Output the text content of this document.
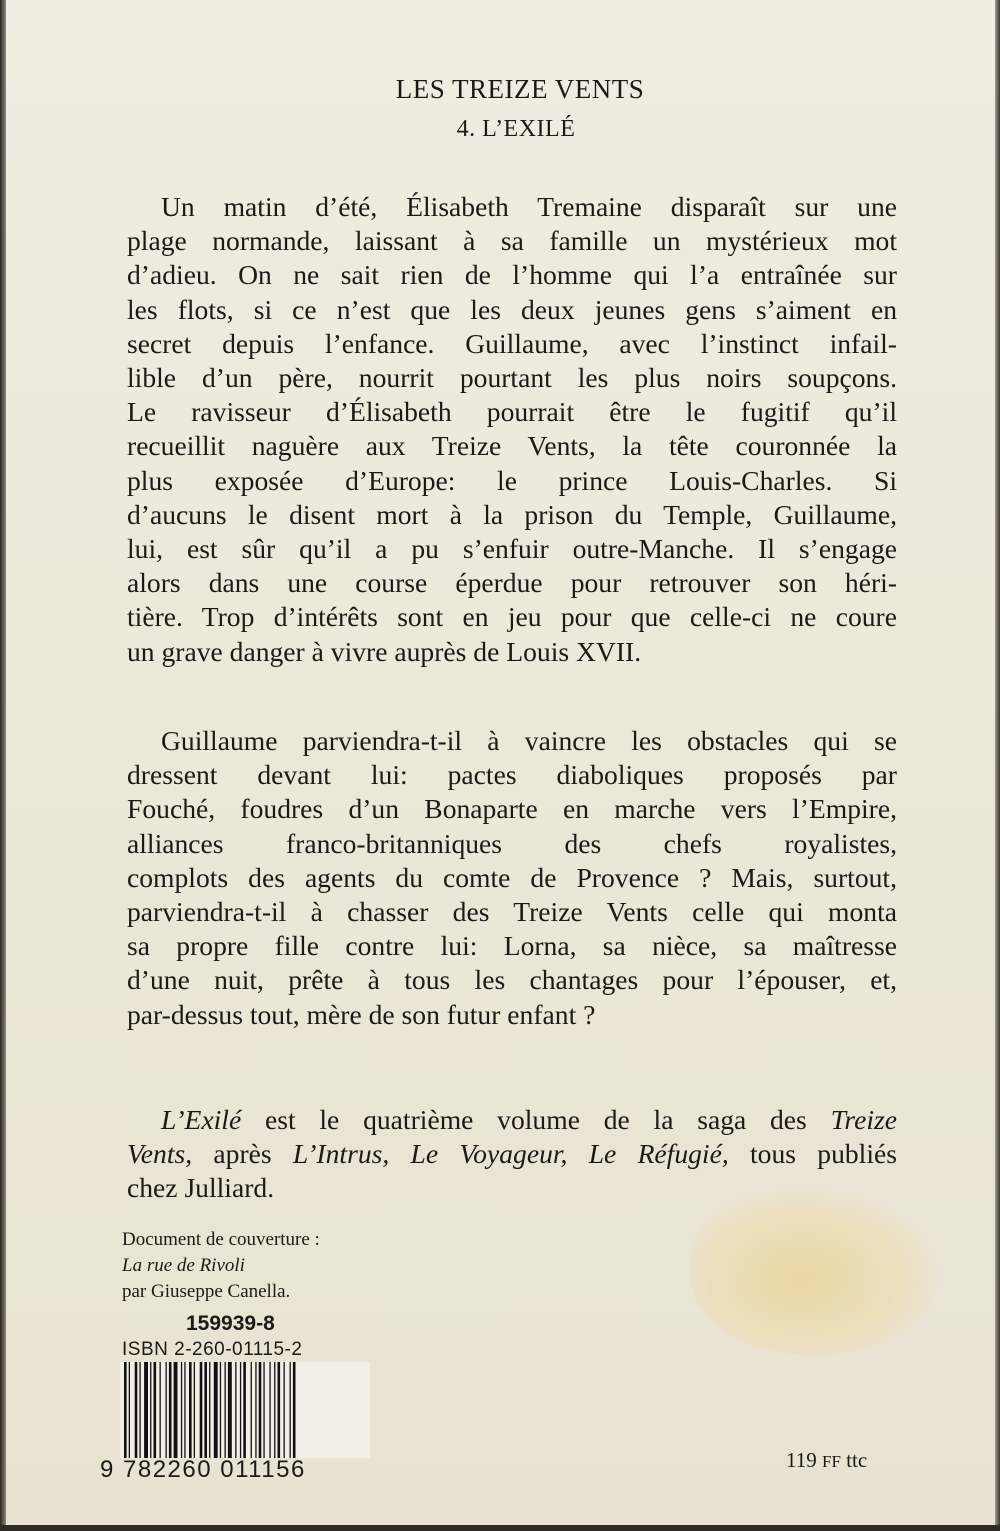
LES TREIZE VENTS
4. L’EXILÉ
Un matin d’été, Élisabeth Tremaine disparaît sur une
plage normande, laissant à sa famille un mystérieux mot
d’adieu. On ne sait rien de l’homme qui l’a entraînée sur
les flots, si ce n’est que les deux jeunes gens s’aiment en
secret depuis l’enfance. Guillaume, avec l’instinct infail-
lible d’un père, nourrit pourtant les plus noirs soupçons.
Le ravisseur d’Élisabeth pourrait être le fugitif qu’il
recueillit naguère aux Treize Vents, la tête couronnée la
plus exposée d’Europe: le prince Louis-Charles. Si
d’aucuns le disent mort à la prison du Temple, Guillaume,
lui, est sûr qu’il a pu s’enfuir outre-Manche. Il s’engage
alors dans une course éperdue pour retrouver son héri-
tière. Trop d’intérêts sont en jeu pour que celle-ci ne coure
un grave danger à vivre auprès de Louis XVII.
Guillaume parviendra-t-il à vaincre les obstacles qui se
dressent devant lui: pactes diaboliques proposés par
Fouché, foudres d’un Bonaparte en marche vers l’Empire,
alliances franco-britanniques des chefs royalistes,
complots des agents du comte de Provence ? Mais, surtout,
parviendra-t-il à chasser des Treize Vents celle qui monta
sa propre fille contre lui: Lorna, sa nièce, sa maîtresse
d’une nuit, prête à tous les chantages pour l’épouser, et,
par-dessus tout, mère de son futur enfant ?
L’Exilé est le quatrième volume de la saga des Treize
Vents, après L’Intrus, Le Voyageur, Le Réfugié, tous publiés
chez Julliard.
Document de couverture :
La rue de Rivoli
par Giuseppe Canella.
159939-8
ISBN 2-260-01115-2
9 782260 011156	119 FF ttc
